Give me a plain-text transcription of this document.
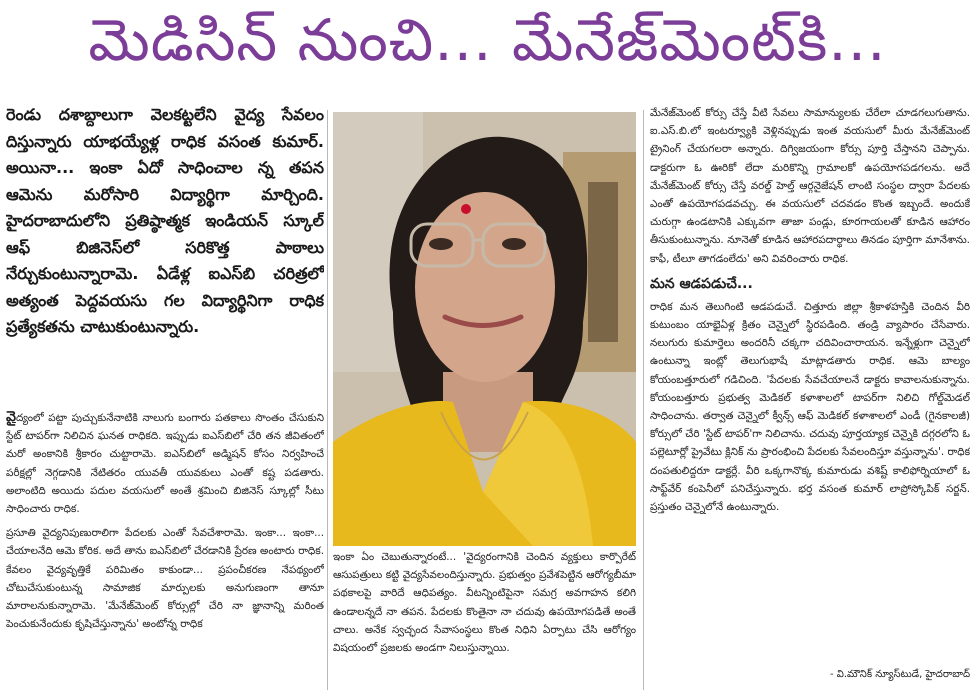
మెడిసిన్ నుంచి... మేనేజ్‌మెంట్‌కి...

రెండు దశాబ్దాలుగా వెలకట్టలేని వైద్య సేవలం దిస్తున్నారు యాభయ్యేళ్ల రాధిక వసంత కుమార్. అయినా... ఇంకా ఏదో సాధించాల న్న తపన ఆమెను మరోసారి విద్యార్థిగా మార్చింది. హైదరాబాదులోని ప్రతిష్ఠాత్మక ఇండియన్ స్కూల్ ఆఫ్ బిజినెస్‌లో సరికొత్త పాఠాలు నేర్చుకుంటున్నారామె. ఏడేళ్ల ఐఎస్‌బి చరిత్రలో అత్యంత పెద్దవయసు గల విద్యార్థినిగా రాధిక ప్రత్యేకతను చాటుకుంటున్నారు.

వైద్యంలో పట్టా పుచ్చుకునేనాటికి నాలుగు బంగారు పతకాలు సొంతం చేసుకుని స్టేట్ టాపర్‌గా నిలిచిన ఘనత రాధికది. ఇప్పుడు ఐఎస్‌బిలో చేరి తన జీవితంలో మరో అంకానికి శ్రీకారం చుట్టారామె. ఐఎస్‌బిలో అడ్మిషన్ కోసం నిర్వహించే పరీక్షల్లో నెగ్గడానికి నేటితరం యువతీ యువకులు ఎంతో కష్ట పడతారు. అలాంటిది అయిదు పదుల వయసులో అంతే శ్రమించి బిజినెస్ స్కూల్లో సీటు సాధించారు రాధిక.

ప్రసూతి వైద్యనిపుణురాలిగా పేదలకు ఎంతో సేవచేశారామె. ఇంకా... ఇంకా... చేయాలనేది ఆమె కోరిక. అదే తాను ఐఎస్‌బిలో చేరడానికి ప్రేరణ అంటారు రాధిక. కేవలం వైద్యవృత్తికే పరిమితం కాకుండా... ప్రపంచీకరణ నేపథ్యంలో చోటుచేసుకుంటున్న సామాజిక మార్పులకు అనుగుణంగా తానూ మారాలనుకున్నారామె. 'మేనేజ్‌మెంట్ కోర్సుల్లో చేరి నా జ్ఞానాన్ని మరింత పెంచుకునేందుకు కృషిచేస్తున్నాను' అంటోన్న రాధిక

ఇంకా ఏం చెబుతున్నారంటే... 'వైద్యరంగానికి చెందిన వ్యక్తులు కార్పొరేట్ ఆసుపత్రులు కట్టి వైద్యసేవలందిస్తున్నారు. ప్రభుత్వం ప్రవేశపెట్టిన ఆరోగ్యబీమా పథకాలపై వారిదే ఆధిపత్యం. వీటన్నింటిపైనా సమగ్ర అవగాహన కలిగి ఉండాలన్నదే నా తపన. పేదలకు కొంతైనా నా చదువు ఉపయోగపడితే అంతే చాలు. అనేక స్వచ్ఛంద సేవాసంస్థలు కొంత నిధిని ఏర్పాటు చేసి ఆరోగ్యం విషయంలో ప్రజలకు అండగా నిలుస్తున్నాయి.

మేనేజ్‌మెంట్ కోర్సు చేస్తే వీటి సేవలు సామాన్యులకు చేరేలా చూడగలుగుతాను. ఐ.ఎస్.బి.లో ఇంటర్వ్యూకి వెళ్లినప్పుడు ఇంత వయసులో మీరు మేనేజ్‌మెంట్ ట్రైనింగ్ చేయగలరా అన్నారు. దిగ్విజయంగా కోర్సు పూర్తి చేస్తానని చెప్పాను. డాక్టరుగా ఓ ఊరికో లేదా మరికొన్ని గ్రామాలకో ఉపయోగపడగలను. అదే మేనేజ్‌మెంట్ కోర్సు చేస్తే వరల్డ్ హెల్త్ ఆర్గనైజేషన్ లాంటి సంస్థల ద్వారా పేదలకు ఎంతో ఉపయోగపడవచ్చు. ఈ వయసులో చదవడం కొంత ఇబ్బందే. అందుకే చురుగ్గా ఉండటానికి ఎక్కువగా తాజా పండ్లు, కూరగాయలతో కూడిన ఆహారం తీసుకుంటున్నాను. నూనెతో కూడిన ఆహారపదార్థాలు తినడం పూర్తిగా మానేశాను. కాఫీ, టీలూ తాగడంలేదు' అని వివరించారు రాధిక.

మన ఆడపడుచే...

రాధిక మన తెలుగింటి ఆడపడుచే. చిత్తూరు జిల్లా శ్రీకాళహస్తికి చెందిన వీరి కుటుంబం యాభైఏళ్ల క్రితం చెన్నైలో స్థిరపడింది. తండ్రి వ్యాపారం చేసేవారు. నలుగురు కుమార్తెలు అందరినీ చక్కగా చదివించారాయన. ఇన్నేళ్లుగా చెన్నైలో ఉంటున్నా ఇంట్లో తెలుగుభాషే మాట్లాడతారు రాధిక. ఆమె బాల్యం కోయంబత్తూరులో గడిచింది. 'పేదలకు సేవచేయాలనే డాక్టరు కావాలనుకున్నాను. కోయంబత్తూరు ప్రభుత్వ మెడికల్ కళాశాలలో టాపర్‌గా నిలిచి గోల్డ్‌మెడల్ సాధించాను. తర్వాత చెన్నైలో క్వీన్స్ ఆఫ్ మెడికల్ కళాశాలలో ఎండీ (గైనకాలజీ) కోర్సులో చేరి 'స్టేట్ టాపర్'గా నిలిచాను. చదువు పూర్తయ్యాక చెన్నైకి దగ్గరలోని ఓ పల్లెటూర్లో ప్రైవేటు క్లినిక్ ను ప్రారంభించి పేదలకు సేవలందిస్తూ వస్తున్నాను'. రాధిక దంపతులిద్దరూ డాక్టర్లే. వీరి ఒక్కగానొక్క కుమారుడు వశిష్ట్ కాలిఫోర్నియాలో ఓ సాఫ్ట్‌వేర్ కంపెనీలో పనిచేస్తున్నారు. భర్త వసంత కుమార్ లాప్రోస్కోపిక్ సర్జన్. ప్రస్తుతం చెన్నైలోనే ఉంటున్నారు.

- వి.మౌనిక్ న్యూస్‌టుడే, హైదరాబాద్
